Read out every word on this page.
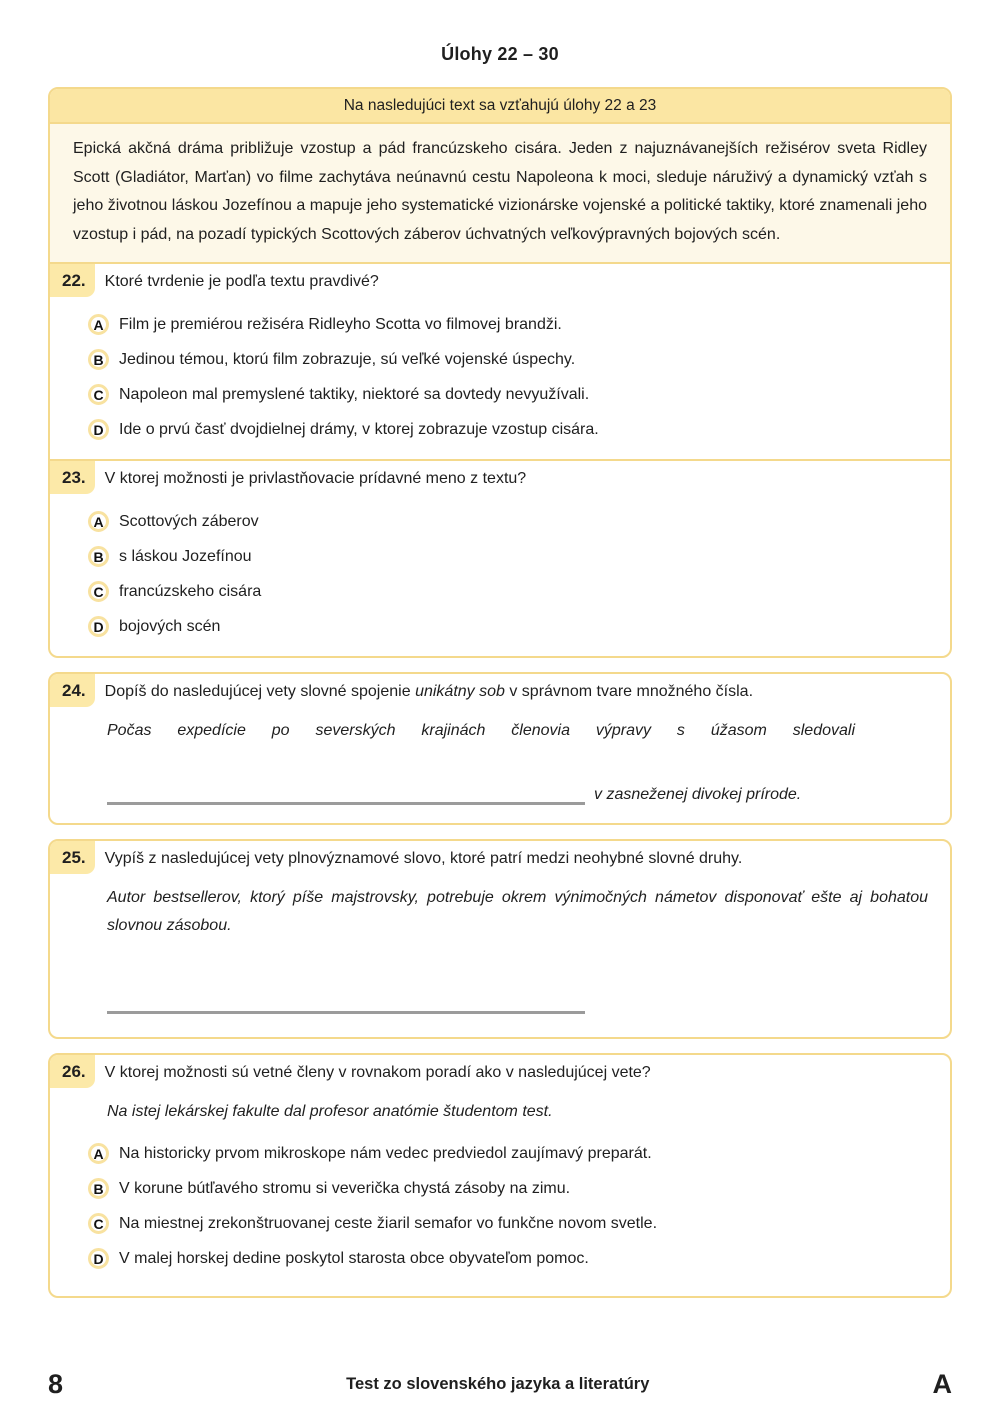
Úlohy 22 – 30
Na nasledujúci text sa vzťahujú úlohy 22 a 23
Epická akčná dráma približuje vzostup a pád francúzskeho cisára. Jeden z najuznávanejších režisérov sveta Ridley Scott (Gladiátor, Marťan) vo filme zachytáva neúnavnú cestu Napoleona k moci, sleduje náruživý a dynamický vzťah s jeho životnou láskou Jozefínou a mapuje jeho systematické vizionárske vojenské a politické taktiky, ktoré znamenali jeho vzostup i pád, na pozadí typických Scottových záberov úchvatných veľkovýpravných bojových scén.
22.	Ktoré tvrdenie je podľa textu pravdivé?
A Film je premiérou režiséra Ridleyho Scotta vo filmovej brandži.
B Jedinou témou, ktorú film zobrazuje, sú veľké vojenské úspechy.
C Napoleon mal premyslené taktiky, niektoré sa dovtedy nevyužívali.
D Ide o prvú časť dvojdielnej drámy, v ktorej zobrazuje vzostup cisára.
23.	V ktorej možnosti je privlastňovacie prídavné meno z textu?
A Scottových záberov
B s láskou Jozefínou
C francúzskeho cisára
D bojových scén
24.	Dopíš do nasledujúcej vety slovné spojenie unikátny sob v správnom tvare množného čísla.
Počas expedície po severských krajinách členovia výpravy s úžasom sledovali
v zasneženej divokej prírode.
25.	Vypíš z nasledujúcej vety plnovýznamové slovo, ktoré patrí medzi neohybné slovné druhy.
Autor bestsellerov, ktorý píše majstrovsky, potrebuje okrem výnimočných námetov disponovať ešte aj bohatou slovnou zásobou.
26.	V ktorej možnosti sú vetné členy v rovnakom poradí ako v nasledujúcej vete?
Na istej lekárskej fakulte dal profesor anatómie študentom test.
A Na historicky prvom mikroskope nám vedec predviedol zaujímavý preparát.
B V korune bútľavého stromu si veverička chystá zásoby na zimu.
C Na miestnej zrekonštruovanej ceste žiaril semafor vo funkčne novom svetle.
D V malej horskej dedine poskytol starosta obce obyvateľom pomoc.
8	Test zo slovenského jazyka a literatúry	A
